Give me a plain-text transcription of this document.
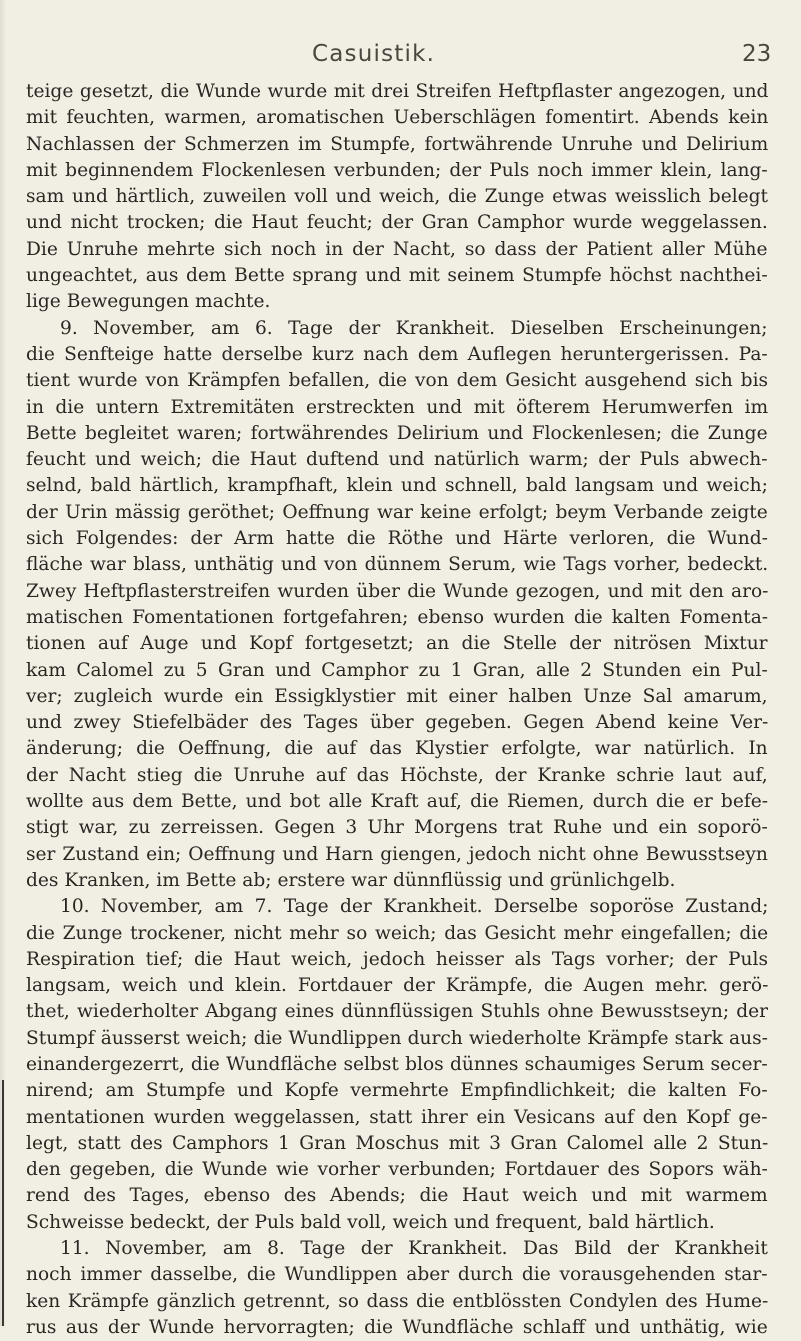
Casuistik.	23
teige gesetzt, die Wunde wurde mit drei Streifen Heftpflaster angezogen, und
mit feuchten, warmen, aromatischen Ueberschlägen fomentirt. Abends kein
Nachlassen der Schmerzen im Stumpfe, fortwährende Unruhe und Delirium
mit beginnendem Flockenlesen verbunden; der Puls noch immer klein, lang-
sam und härtlich, zuweilen voll und weich, die Zunge etwas weisslich belegt
und nicht trocken; die Haut feucht; der Gran Camphor wurde weggelassen.
Die Unruhe mehrte sich noch in der Nacht, so dass der Patient aller Mühe
ungeachtet, aus dem Bette sprang und mit seinem Stumpfe höchst nachthei-
lige Bewegungen machte.
9. November, am 6. Tage der Krankheit. Dieselben Erscheinungen;
die Senfteige hatte derselbe kurz nach dem Auflegen heruntergerissen. Pa-
tient wurde von Krämpfen befallen, die von dem Gesicht ausgehend sich bis
in die untern Extremitäten erstreckten und mit öfterem Herumwerfen im
Bette begleitet waren; fortwährendes Delirium und Flockenlesen; die Zunge
feucht und weich; die Haut duftend und natürlich warm; der Puls abwech-
selnd, bald härtlich, krampfhaft, klein und schnell, bald langsam und weich;
der Urin mässig geröthet; Oeffnung war keine erfolgt; beym Verbande zeigte
sich Folgendes: der Arm hatte die Röthe und Härte verloren, die Wund-
fläche war blass, unthätig und von dünnem Serum, wie Tags vorher, bedeckt.
Zwey Heftpflasterstreifen wurden über die Wunde gezogen, und mit den aro-
matischen Fomentationen fortgefahren; ebenso wurden die kalten Fomenta-
tionen auf Auge und Kopf fortgesetzt; an die Stelle der nitrösen Mixtur
kam Calomel zu 5 Gran und Camphor zu 1 Gran, alle 2 Stunden ein Pul-
ver; zugleich wurde ein Essigklystier mit einer halben Unze Sal amarum,
und zwey Stiefelbäder des Tages über gegeben. Gegen Abend keine Ver-
änderung; die Oeffnung, die auf das Klystier erfolgte, war natürlich. In
der Nacht stieg die Unruhe auf das Höchste, der Kranke schrie laut auf,
wollte aus dem Bette, und bot alle Kraft auf, die Riemen, durch die er befe-
stigt war, zu zerreissen. Gegen 3 Uhr Morgens trat Ruhe und ein soporö-
ser Zustand ein; Oeffnung und Harn giengen, jedoch nicht ohne Bewusstseyn
des Kranken, im Bette ab; erstere war dünnflüssig und grünlichgelb.
10. November, am 7. Tage der Krankheit. Derselbe soporöse Zustand;
die Zunge trockener, nicht mehr so weich; das Gesicht mehr eingefallen; die
Respiration tief; die Haut weich, jedoch heisser als Tags vorher; der Puls
langsam, weich und klein. Fortdauer der Krämpfe, die Augen mehr. gerö-
thet, wiederholter Abgang eines dünnflüssigen Stuhls ohne Bewusstseyn; der
Stumpf äusserst weich; die Wundlippen durch wiederholte Krämpfe stark aus-
einandergezerrt, die Wundfläche selbst blos dünnes schaumiges Serum secer-
nirend; am Stumpfe und Kopfe vermehrte Empfindlichkeit; die kalten Fo-
mentationen wurden weggelassen, statt ihrer ein Vesicans auf den Kopf ge-
legt, statt des Camphors 1 Gran Moschus mit 3 Gran Calomel alle 2 Stun-
den gegeben, die Wunde wie vorher verbunden; Fortdauer des Sopors wäh-
rend des Tages, ebenso des Abends; die Haut weich und mit warmem
Schweisse bedeckt, der Puls bald voll, weich und frequent, bald härtlich.
11. November, am 8. Tage der Krankheit. Das Bild der Krankheit
noch immer dasselbe, die Wundlippen aber durch die vorausgehenden star-
ken Krämpfe gänzlich getrennt, so dass die entblössten Condylen des Hume-
rus aus der Wunde hervorragten; die Wundfläche schlaff und unthätig, wie
